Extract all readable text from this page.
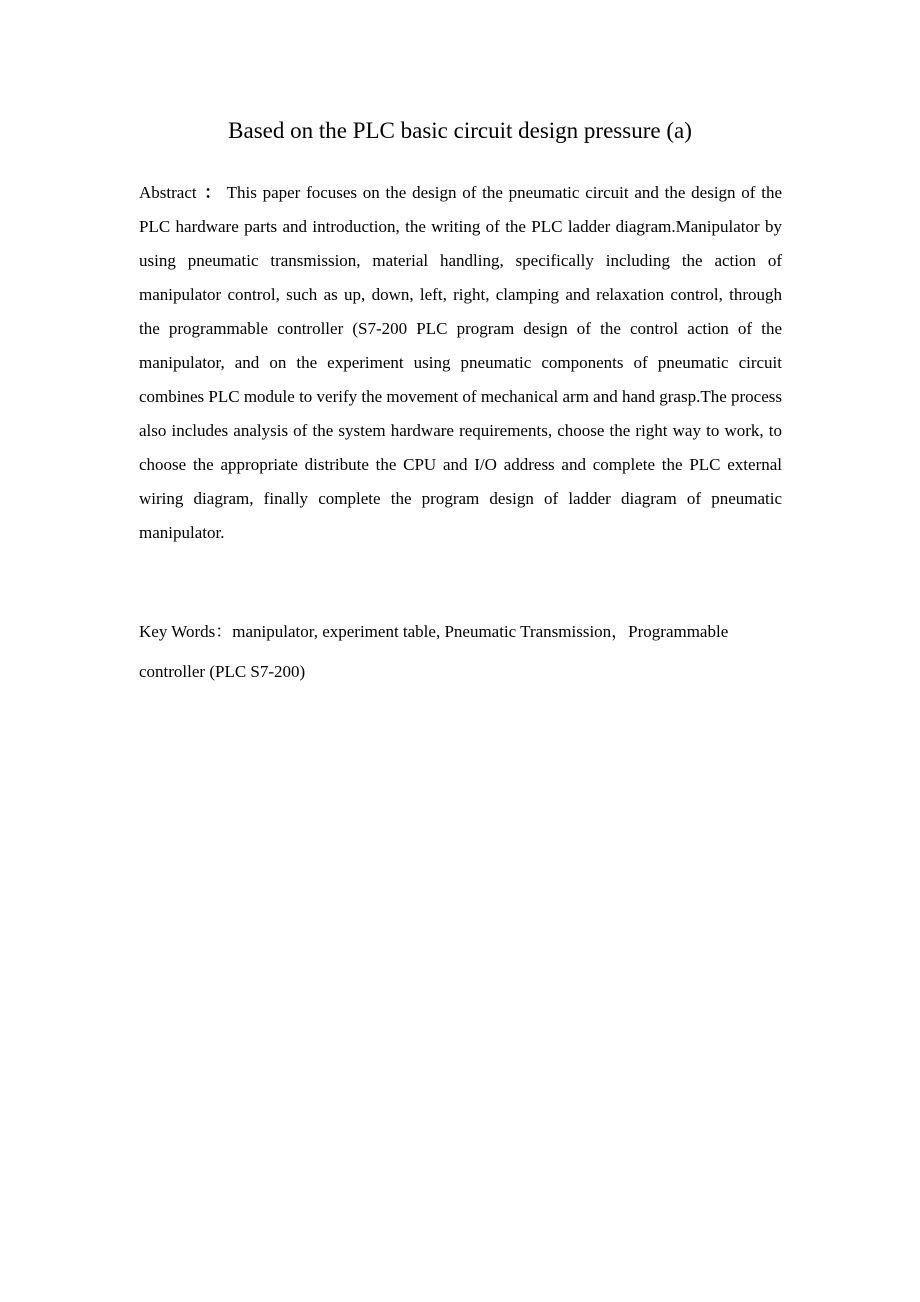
Based on the PLC basic circuit design pressure (a)

Abstract ： This paper focuses on the design of the pneumatic circuit and the design of the PLC hardware parts and introduction, the writing of the PLC ladder diagram.Manipulator by using pneumatic transmission, material handling, specifically including the action of manipulator control, such as up, down, left, right, clamping and relaxation control, through the programmable controller (S7-200 PLC program design of the control action of the manipulator, and on the experiment using pneumatic components of pneumatic circuit combines PLC module to verify the movement of mechanical arm and hand grasp.The process also includes analysis of the system hardware requirements, choose the right way to work, to choose the appropriate distribute the CPU and I/O address and complete the PLC external wiring diagram, finally complete the program design of ladder diagram of pneumatic manipulator.

Key Words：manipulator, experiment table, Pneumatic Transmission，Programmable controller (PLC S7-200)
